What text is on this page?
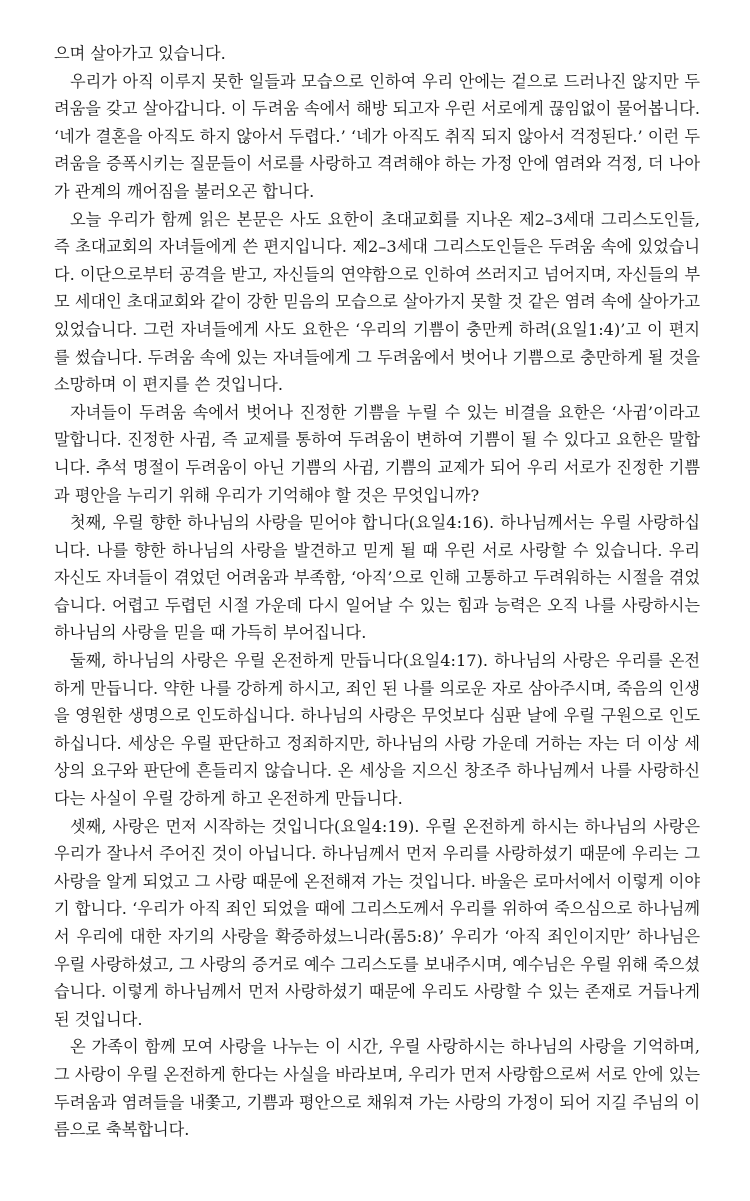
으며 살아가고 있습니다.

우리가 아직 이루지 못한 일들과 모습으로 인하여 우리 안에는 겉으로 드러나진 않지만 두려움을 갖고 살아갑니다. 이 두려움 속에서 해방 되고자 우린 서로에게 끊임없이 물어봅니다. ‘네가 결혼을 아직도 하지 않아서 두렵다.’ ‘네가 아직도 취직 되지 않아서 걱정된다.’ 이런 두려움을 증폭시키는 질문들이 서로를 사랑하고 격려해야 하는 가정 안에 염려와 걱정, 더 나아가 관계의 깨어짐을 불러오곤 합니다.

오늘 우리가 함께 읽은 본문은 사도 요한이 초대교회를 지나온 제2–3세대 그리스도인들, 즉 초대교회의 자녀들에게 쓴 편지입니다. 제2–3세대 그리스도인들은 두려움 속에 있었습니다. 이단으로부터 공격을 받고, 자신들의 연약함으로 인하여 쓰러지고 넘어지며, 자신들의 부모 세대인 초대교회와 같이 강한 믿음의 모습으로 살아가지 못할 것 같은 염려 속에 살아가고 있었습니다. 그런 자녀들에게 사도 요한은 ‘우리의 기쁨이 충만케 하려(요일1:4)’고 이 편지를 썼습니다. 두려움 속에 있는 자녀들에게 그 두려움에서 벗어나 기쁨으로 충만하게 될 것을 소망하며 이 편지를 쓴 것입니다.

자녀들이 두려움 속에서 벗어나 진정한 기쁨을 누릴 수 있는 비결을 요한은 ‘사귐’이라고 말합니다. 진정한 사귐, 즉 교제를 통하여 두려움이 변하여 기쁨이 될 수 있다고 요한은 말합니다. 추석 명절이 두려움이 아닌 기쁨의 사귐, 기쁨의 교제가 되어 우리 서로가 진정한 기쁨과 평안을 누리기 위해 우리가 기억해야 할 것은 무엇입니까?

첫째, 우릴 향한 하나님의 사랑을 믿어야 합니다(요일4:16). 하나님께서는 우릴 사랑하십니다. 나를 향한 하나님의 사랑을 발견하고 믿게 될 때 우린 서로 사랑할 수 있습니다. 우리 자신도 자녀들이 겪었던 어려움과 부족함, ‘아직’으로 인해 고통하고 두려워하는 시절을 겪었습니다. 어렵고 두렵던 시절 가운데 다시 일어날 수 있는 힘과 능력은 오직 나를 사랑하시는 하나님의 사랑을 믿을 때 가득히 부어집니다.

둘째, 하나님의 사랑은 우릴 온전하게 만듭니다(요일4:17). 하나님의 사랑은 우리를 온전하게 만듭니다. 약한 나를 강하게 하시고, 죄인 된 나를 의로운 자로 삼아주시며, 죽음의 인생을 영원한 생명으로 인도하십니다. 하나님의 사랑은 무엇보다 심판 날에 우릴 구원으로 인도하십니다. 세상은 우릴 판단하고 정죄하지만, 하나님의 사랑 가운데 거하는 자는 더 이상 세상의 요구와 판단에 흔들리지 않습니다. 온 세상을 지으신 창조주 하나님께서 나를 사랑하신다는 사실이 우릴 강하게 하고 온전하게 만듭니다.

셋째, 사랑은 먼저 시작하는 것입니다(요일4:19). 우릴 온전하게 하시는 하나님의 사랑은 우리가 잘나서 주어진 것이 아닙니다. 하나님께서 먼저 우리를 사랑하셨기 때문에 우리는 그 사랑을 알게 되었고 그 사랑 때문에 온전해져 가는 것입니다. 바울은 로마서에서 이렇게 이야기 합니다. ‘우리가 아직 죄인 되었을 때에 그리스도께서 우리를 위하여 죽으심으로 하나님께서 우리에 대한 자기의 사랑을 확증하셨느니라(롬5:8)’ 우리가 ‘아직 죄인이지만’ 하나님은 우릴 사랑하셨고, 그 사랑의 증거로 예수 그리스도를 보내주시며, 예수님은 우릴 위해 죽으셨습니다. 이렇게 하나님께서 먼저 사랑하셨기 때문에 우리도 사랑할 수 있는 존재로 거듭나게 된 것입니다.

온 가족이 함께 모여 사랑을 나누는 이 시간, 우릴 사랑하시는 하나님의 사랑을 기억하며, 그 사랑이 우릴 온전하게 한다는 사실을 바라보며, 우리가 먼저 사랑함으로써 서로 안에 있는 두려움과 염려들을 내쫓고, 기쁨과 평안으로 채워져 가는 사랑의 가정이 되어 지길 주님의 이름으로 축복합니다.
